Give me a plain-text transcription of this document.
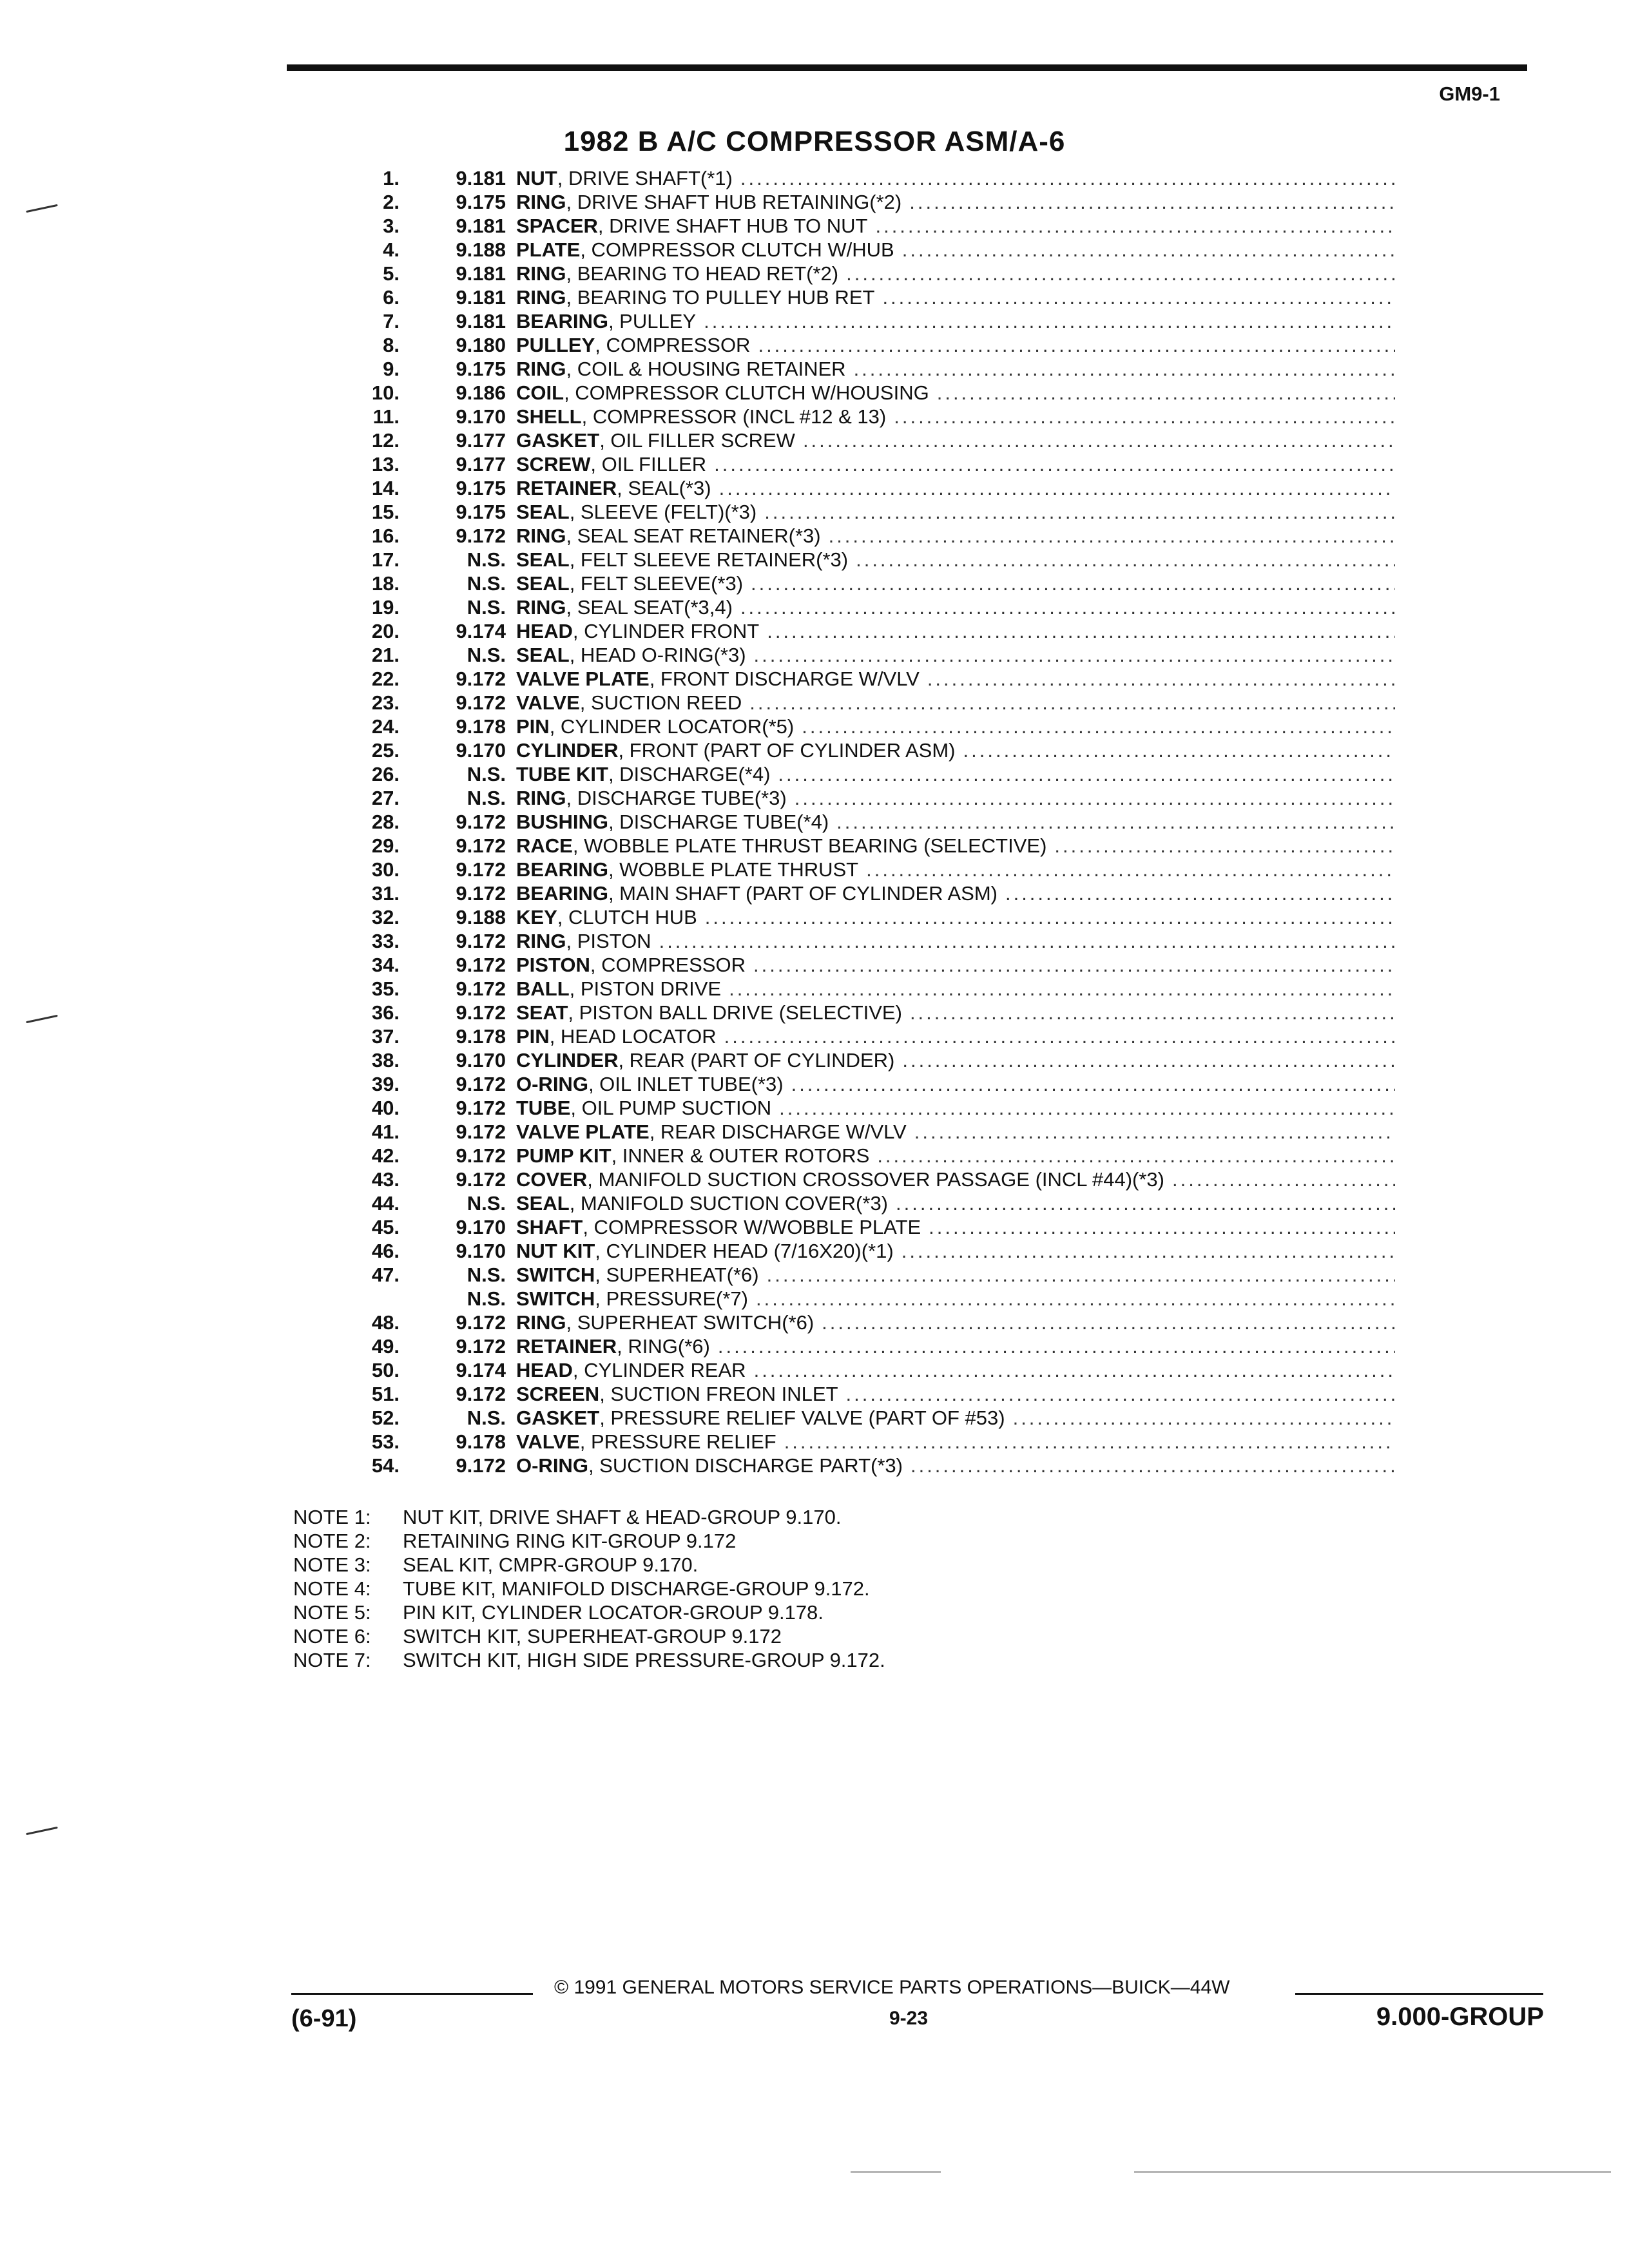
GM9-1
1982 B A/C COMPRESSOR ASM/A-6
1.	9.181 NUT , DRIVE SHAFT(*1)
.....
2.	9.175 RING , DRIVE SHAFT HUB RETAINING(*2)
.....
3.	9.181 SPACER , DRIVE SHAFT HUB TO NUT
.....
4.	9.188 PLATE , COMPRESSOR CLUTCH W/HUB
.....
5.	9.181 RING , BEARING TO HEAD RET(*2)
.....
6.	9.181 RING , BEARING TO PULLEY HUB RET
.....
7.	9.181 BEARING , PULLEY
.....
8.	9.180 PULLEY , COMPRESSOR
.....
9.	9.175 RING , COIL & HOUSING RETAINER
.....
10.	9.186 COIL , COMPRESSOR CLUTCH W/HOUSING
.....
11.	9.170 SHELL , COMPRESSOR (INCL #12 & 13)
.....
12.	9.177 GASKET , OIL FILLER SCREW
.....
13.	9.177 SCREW , OIL FILLER
.....
14.	9.175 RETAINER , SEAL(*3)
.....
15.	9.175 SEAL , SLEEVE (FELT)(*3)
.....
16.	9.172 RING , SEAL SEAT RETAINER(*3)
.....
17.	N.S. SEAL , FELT SLEEVE RETAINER(*3)
.....
18.	N.S. SEAL , FELT SLEEVE(*3)
.....
19.	N.S. RING , SEAL SEAT(*3,4)
.....
20.	9.174 HEAD , CYLINDER FRONT
.....
21.	N.S. SEAL , HEAD O-RING(*3)
.....
22.	9.172 VALVE PLATE , FRONT DISCHARGE W/VLV
.....
23.	9.172 VALVE , SUCTION REED
.....
24.	9.178 PIN , CYLINDER LOCATOR(*5)
.....
25.	9.170 CYLINDER , FRONT (PART OF CYLINDER ASM)
.....
26.	N.S. TUBE KIT , DISCHARGE(*4)
.....
27.	N.S. RING , DISCHARGE TUBE(*3)
.....
28.	9.172 BUSHING , DISCHARGE TUBE(*4)
.....
29.	9.172 RACE , WOBBLE PLATE THRUST BEARING (SELECTIVE)
.....
30.	9.172 BEARING , WOBBLE PLATE THRUST
.....
31.	9.172 BEARING , MAIN SHAFT (PART OF CYLINDER ASM)
.....
32.	9.188 KEY , CLUTCH HUB
.....
33.	9.172 RING , PISTON
.....
34.	9.172 PISTON , COMPRESSOR
.....
35.	9.172 BALL , PISTON DRIVE
.....
36.	9.172 SEAT , PISTON BALL DRIVE (SELECTIVE)
.....
37.	9.178 PIN , HEAD LOCATOR
.....
38.	9.170 CYLINDER , REAR (PART OF CYLINDER)
.....
39.	9.172 O-RING , OIL INLET TUBE(*3)
.....
40.	9.172 TUBE , OIL PUMP SUCTION
.....
41.	9.172 VALVE PLATE , REAR DISCHARGE W/VLV
.....
42.	9.172 PUMP KIT , INNER & OUTER ROTORS
.....
43.	9.172 COVER , MANIFOLD SUCTION CROSSOVER PASSAGE (INCL #44)(*3)
.....
44.	N.S. SEAL , MANIFOLD SUCTION COVER(*3)
.....
45.	9.170 SHAFT , COMPRESSOR W/WOBBLE PLATE
.....
46.	9.170 NUT KIT , CYLINDER HEAD (7/16X20)(*1)
.....
47.	N.S. SWITCH , SUPERHEAT(*6)
.....
N.S. SWITCH , PRESSURE(*7)
.....
48.	9.172 RING , SUPERHEAT SWITCH(*6)
.....
49.	9.172 RETAINER , RING(*6)
.....
50.	9.174 HEAD , CYLINDER REAR
.....
51.	9.172 SCREEN , SUCTION FREON INLET
.....
52.	N.S. GASKET , PRESSURE RELIEF VALVE (PART OF #53)
.....
53.	9.178 VALVE , PRESSURE RELIEF
.....
54.	9.172 O-RING , SUCTION DISCHARGE PART(*3)
.....
NOTE 1:	NUT KIT, DRIVE SHAFT & HEAD-GROUP 9.170.
NOTE 2:	RETAINING RING KIT-GROUP 9.172
NOTE 3:	SEAL KIT, CMPR-GROUP 9.170.
NOTE 4:	TUBE KIT, MANIFOLD DISCHARGE-GROUP 9.172.
NOTE 5:	PIN KIT, CYLINDER LOCATOR-GROUP 9.178.
NOTE 6:	SWITCH KIT, SUPERHEAT-GROUP 9.172
NOTE 7:	SWITCH KIT, HIGH SIDE PRESSURE-GROUP 9.172.
© 1991 GENERAL MOTORS SERVICE PARTS OPERATIONS—BUICK—44W
(6-91)	9-23	9.000-GROUP
